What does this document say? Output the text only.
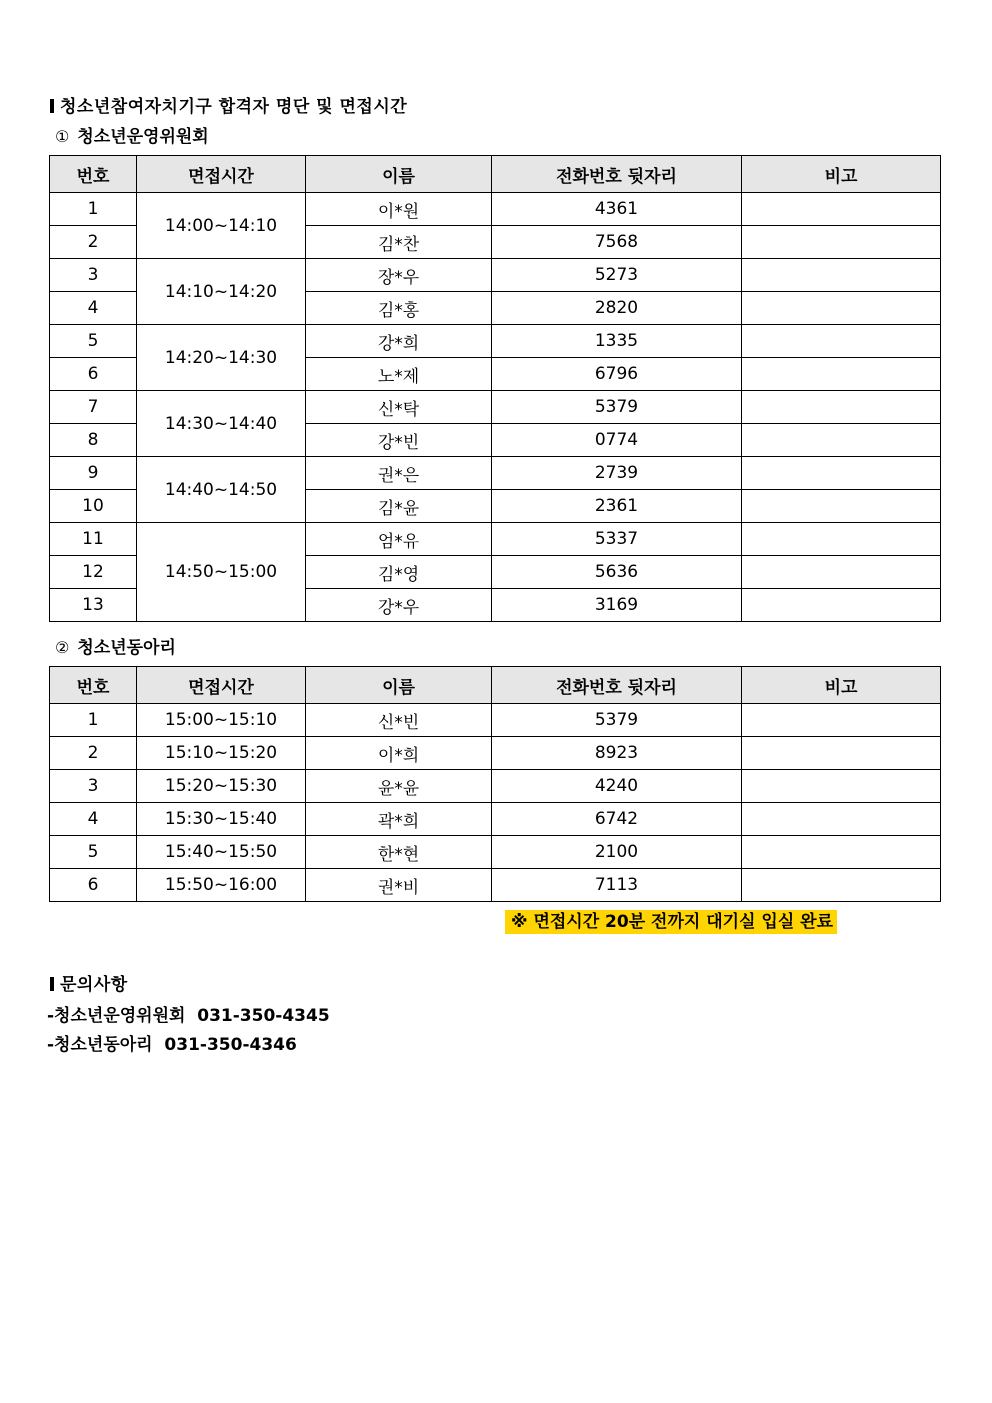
청소년참여자치기구 합격자 명단 및 면접시간
① 청소년운영위원회
번호	면접시간	이름	전화번호 뒷자리	비고
1	14:00~14:10	이*원	4361	
2		김*찬	7568	
3	14:10~14:20	장*우	5273	
4		김*홍	2820	
5	14:20~14:30	강*희	1335	
6		노*제	6796	
7	14:30~14:40	신*탁	5379	
8		강*빈	0774	
9	14:40~14:50	권*은	2739	
10		김*윤	2361	
11	14:50~15:00	엄*유	5337	
12		김*영	5636	
13		강*우	3169	
② 청소년동아리
번호	면접시간	이름	전화번호 뒷자리	비고
1	15:00~15:10	신*빈	5379	
2	15:10~15:20	이*희	8923	
3	15:20~15:30	윤*윤	4240	
4	15:30~15:40	곽*희	6742	
5	15:40~15:50	한*현	2100	
6	15:50~16:00	권*비	7113	
※ 면접시간 20분 전까지 대기실 입실 완료
문의사항
-청소년운영위원회  031-350-4345
-청소년동아리  031-350-4346
